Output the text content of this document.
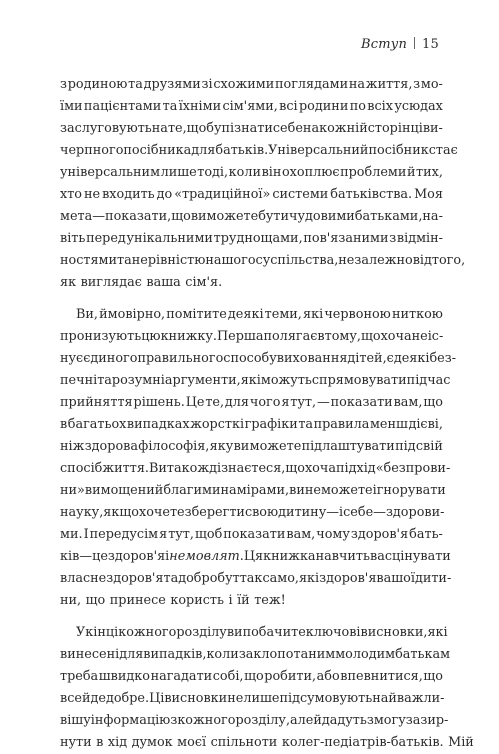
Вступ 15
з родиною та друзями зі схожими поглядами на життя, з мо-
їми пацієнтами та їхніми сім'ями, всі родини по всіх усюдах
заслуговують на те, щоб упізнати себе на кожній сторінці ви-
черпного посібника для батьків. Універсальний посібник стає
універсальним лише тоді, коли він охоплює проблеми й тих,
хто не входить до «традиційної» системи батьківства. Моя
мета — показати, що ви можете бути чудовими батьками, на-
віть перед унікальними труднощами, пов'язаними з відмін-
ностями та нерівністю нашого суспільства, незалежно від того,
як виглядає ваша сім'я.
Ви, ймовірно, помітите деякі теми, які червоною ниткою
пронизують цю книжку. Перша полягає в тому, що хоча не іс-
нує єдиного правильного способу виховання дітей, є деякі без-
печні та розумні аргументи, які можуть спрямовувати під час
прийняття рішень. Це те, для чого я тут, — показати вам, що
в багатьох випадках жорсткі графіки та правила менш дієві,
ніж здорова філософія, яку ви можете підлаштувати під свій
спосіб життя. Ви також дізнаєтеся, що хоча підхід «без прови-
ни» вимощений благими намірами, ви не можете ігнорувати
науку, якщо хочете зберегти свою дитину — і себе — здорови-
ми. І передусім я тут, щоб показати вам, чому здоров'я бать-
ків — це здоров'я і немовлят. Ця книжка навчить вас цінувати
власне здоров'я та добробут так само, як і здоров'я вашої дити-
ни, що принесе користь і їй теж!
У кінці кожного розділу ви побачите ключові висновки, які
винесені для випадків, коли заклопотаним молодим батькам
треба швидко нагадати собі, що робити, або впевнитися, що
все йде добре. Ці висновки не лише підсумовують найважли-
вішу інформацію з кожного розділу, але й дадуть змогу зазир-
нути в хід думок моєї спільноти колег-педіатрів-батьків. Мій
